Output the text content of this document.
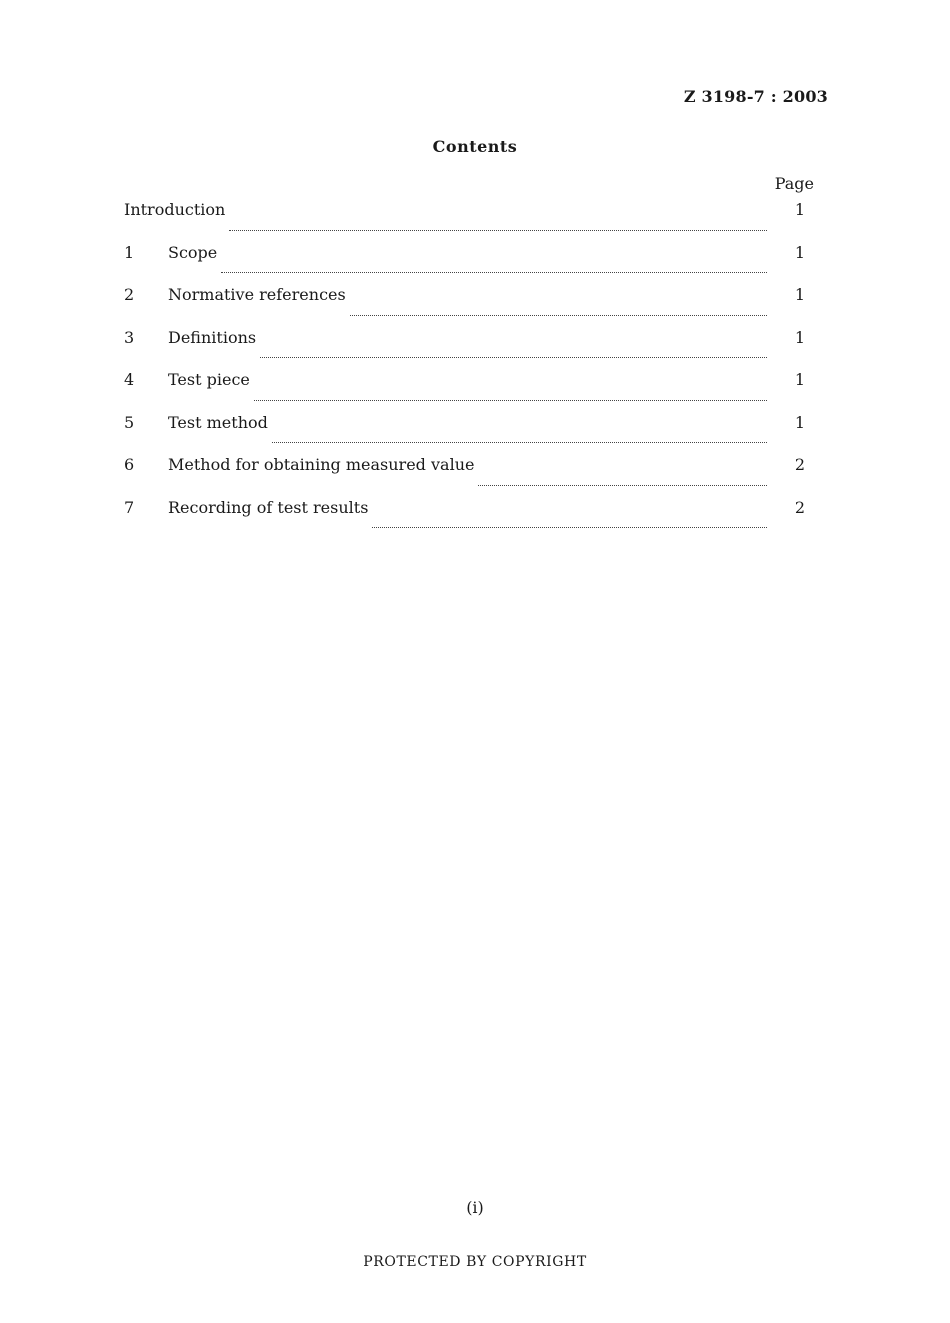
Z 3198-7 : 2003
Contents
Page
Introduction	1
1	Scope	1
2	Normative references	1
3	Definitions	1
4	Test piece	1
5	Test method	1
6	Method for obtaining measured value	2
7	Recording of test results	2
(i)
PROTECTED BY COPYRIGHT
